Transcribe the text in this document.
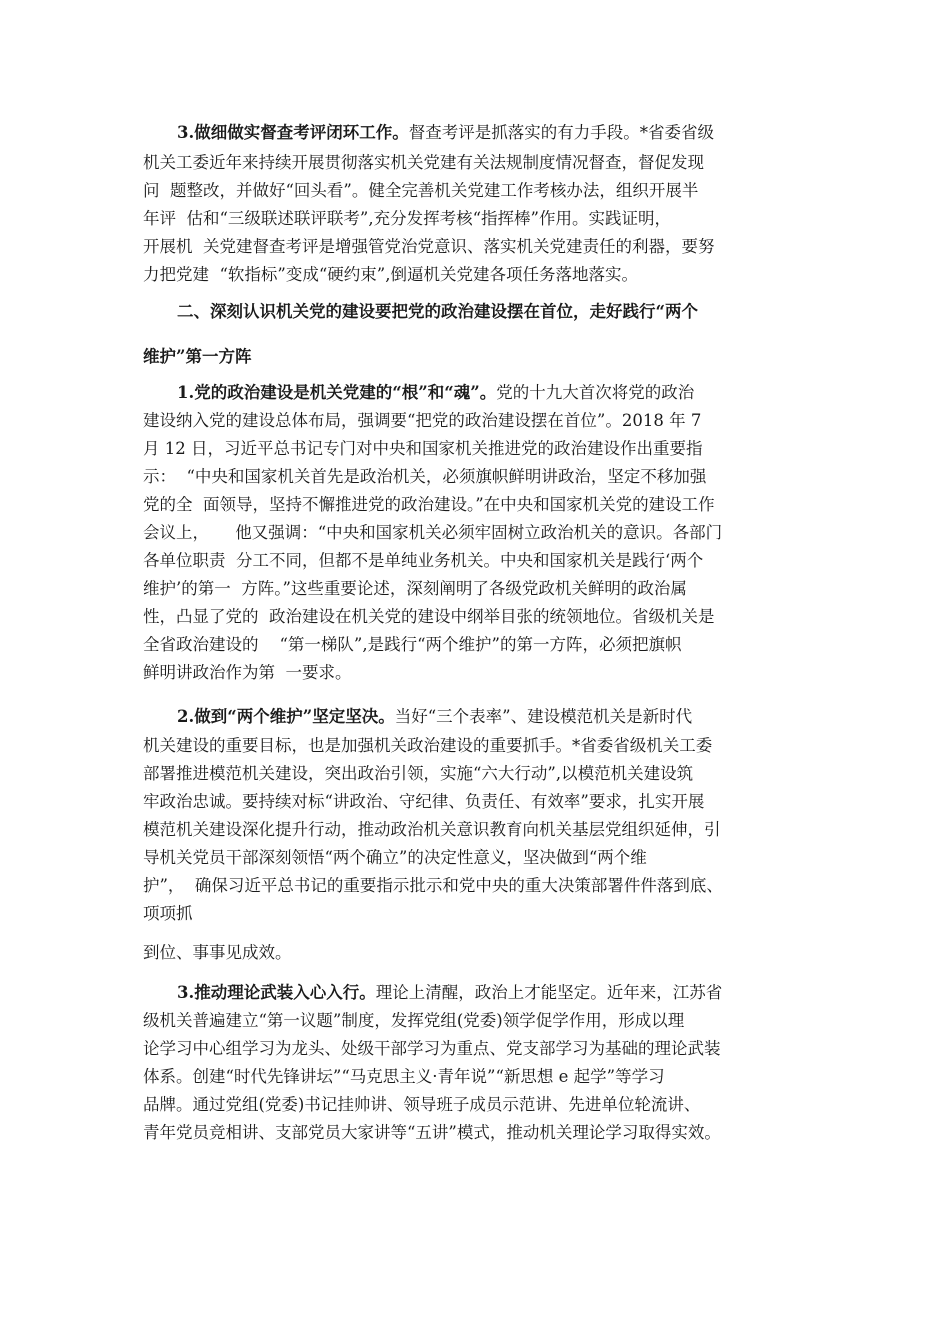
3.做细做实督查考评闭环工作。督查考评是抓落实的有力手段。*省委省级
机关工委近年来持续开展贯彻落实机关党建有关法规制度情况督查，督促发现
问  题整改，并做好“回头看”。健全完善机关党建工作考核办法，组织开展半
年评  估和“三级联述联评联考”,充分发挥考核“指挥棒”作用。实践证明，
开展机  关党建督查考评是增强管党治党意识、落实机关党建责任的利器，要努
力把党建  “软指标”变成“硬约束”,倒逼机关党建各项任务落地落实。
二、深刻认识机关党的建设要把党的政治建设摆在首位，走好践行“两个
维护”第一方阵
1.党的政治建设是机关党建的“根”和“魂”。党的十九大首次将党的政治
建设纳入党的建设总体布局，强调要“把党的政治建设摆在首位”。2018 年 7
月 12 日，习近平总书记专门对中央和国家机关推进党的政治建设作出重要指
示：  “中央和国家机关首先是政治机关，必须旗帜鲜明讲政治，坚定不移加强
党的全  面领导，坚持不懈推进党的政治建设。”在中央和国家机关党的建设工作
会议上，     他又强调：“中央和国家机关必须牢固树立政治机关的意识。各部门
各单位职责  分工不同，但都不是单纯业务机关。中央和国家机关是践行‘两个
维护’的第一  方阵。”这些重要论述，深刻阐明了各级党政机关鲜明的政治属
性，凸显了党的  政治建设在机关党的建设中纲举目张的统领地位。省级机关是
全省政治建设的    “第一梯队”,是践行“两个维护”的第一方阵，必须把旗帜
鲜明讲政治作为第  一要求。
2.做到“两个维护”坚定坚决。当好“三个表率”、建设模范机关是新时代
机关建设的重要目标，也是加强机关政治建设的重要抓手。*省委省级机关工委
部署推进模范机关建设，突出政治引领，实施“六大行动”,以模范机关建设筑
牢政治忠诚。要持续对标“讲政治、守纪律、负责任、有效率”要求，扎实开展
模范机关建设深化提升行动，推动政治机关意识教育向机关基层党组织延伸，引
导机关党员干部深刻领悟“两个确立”的决定性意义，坚决做到“两个维
护”，  确保习近平总书记的重要指示批示和党中央的重大决策部署件件落到底、
项项抓
到位、事事见成效。
3.推动理论武装入心入行。理论上清醒，政治上才能坚定。近年来，江苏省
级机关普遍建立“第一议题”制度，发挥党组(党委)领学促学作用，形成以理
论学习中心组学习为龙头、处级干部学习为重点、党支部学习为基础的理论武装
体系。创建“时代先锋讲坛”“马克思主义·青年说”“新思想 e 起学”等学习
品牌。通过党组(党委)书记挂帅讲、领导班子成员示范讲、先进单位轮流讲、
青年党员竞相讲、支部党员大家讲等“五讲”模式，推动机关理论学习取得实效。
